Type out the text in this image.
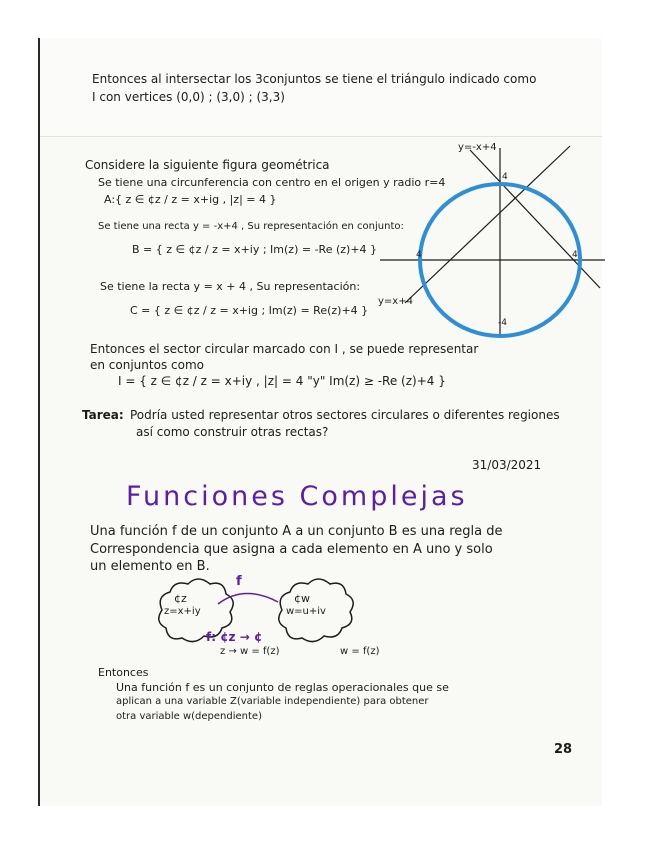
Entonces al intersectar los 3conjuntos se tiene el triángulo indicado como
I con vertices (0,0) ; (3,0) ; (3,3)
Considere la siguiente figura geométrica
Se tiene una circunferencia con centro en el origen y radio r=4
A:{ z ∈ ¢z / z = x+ig , |z| = 4 }
Se tiene una recta y = -x+4 , Su representación en conjunto:
B = { z ∈ ¢z / z = x+iy ; Im(z) = -Re (z)+4 }
Se tiene la recta y = x + 4 , Su representación:
C = { z ∈ ¢z / z = x+ig ; Im(z) = Re(z)+4 }
Entonces el sector circular marcado con I , se puede representar
en conjuntos como
I = { z ∈ ¢z / z = x+iy , |z| = 4 "y" Im(z) ≥ -Re (z)+4 }
Tarea: Podría usted representar otros sectores circulares o diferentes regiones
así como construir otras rectas?
y=-x+4
y=x+4
4
4
-4
4
31/03/2021
Funciones Complejas
Una función f de un conjunto A a un conjunto B es una regla de
Correspondencia que asigna a cada elemento en A uno y solo
un elemento en B.
¢z
z=x+iy
f
¢w
w=u+iv
f: ¢z → ¢
z → w = f(z)	w = f(z)
Entonces
Una función f es un conjunto de reglas operacionales que se
aplican a una variable Z(variable independiente) para obtener
otra variable w(dependiente)
28
